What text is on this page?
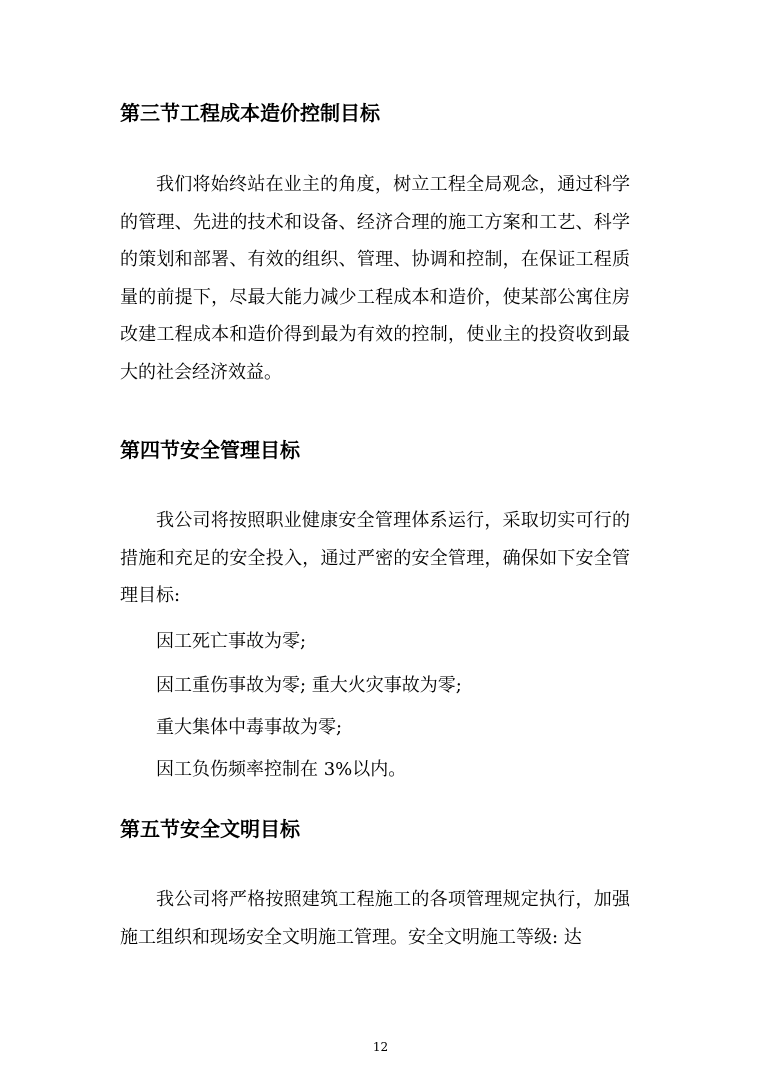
第三节工程成本造价控制目标

我们将始终站在业主的角度，树立工程全局观念，通过科学的管理、先进的技术和设备、经济合理的施工方案和工艺、科学的策划和部署、有效的组织、管理、协调和控制，在保证工程质量的前提下，尽最大能力减少工程成本和造价，使某部公寓住房改建工程成本和造价得到最为有效的控制，使业主的投资收到最大的社会经济效益。

第四节安全管理目标

我公司将按照职业健康安全管理体系运行，采取切实可行的措施和充足的安全投入，通过严密的安全管理，确保如下安全管理目标:

因工死亡事故为零;
因工重伤事故为零; 重大火灾事故为零;
重大集体中毒事故为零;
因工负伤频率控制在 3%以内。
第五节安全文明目标

我公司将严格按照建筑工程施工的各项管理规定执行，加强施工组织和现场安全文明施工管理。安全文明施工等级: 达

12
